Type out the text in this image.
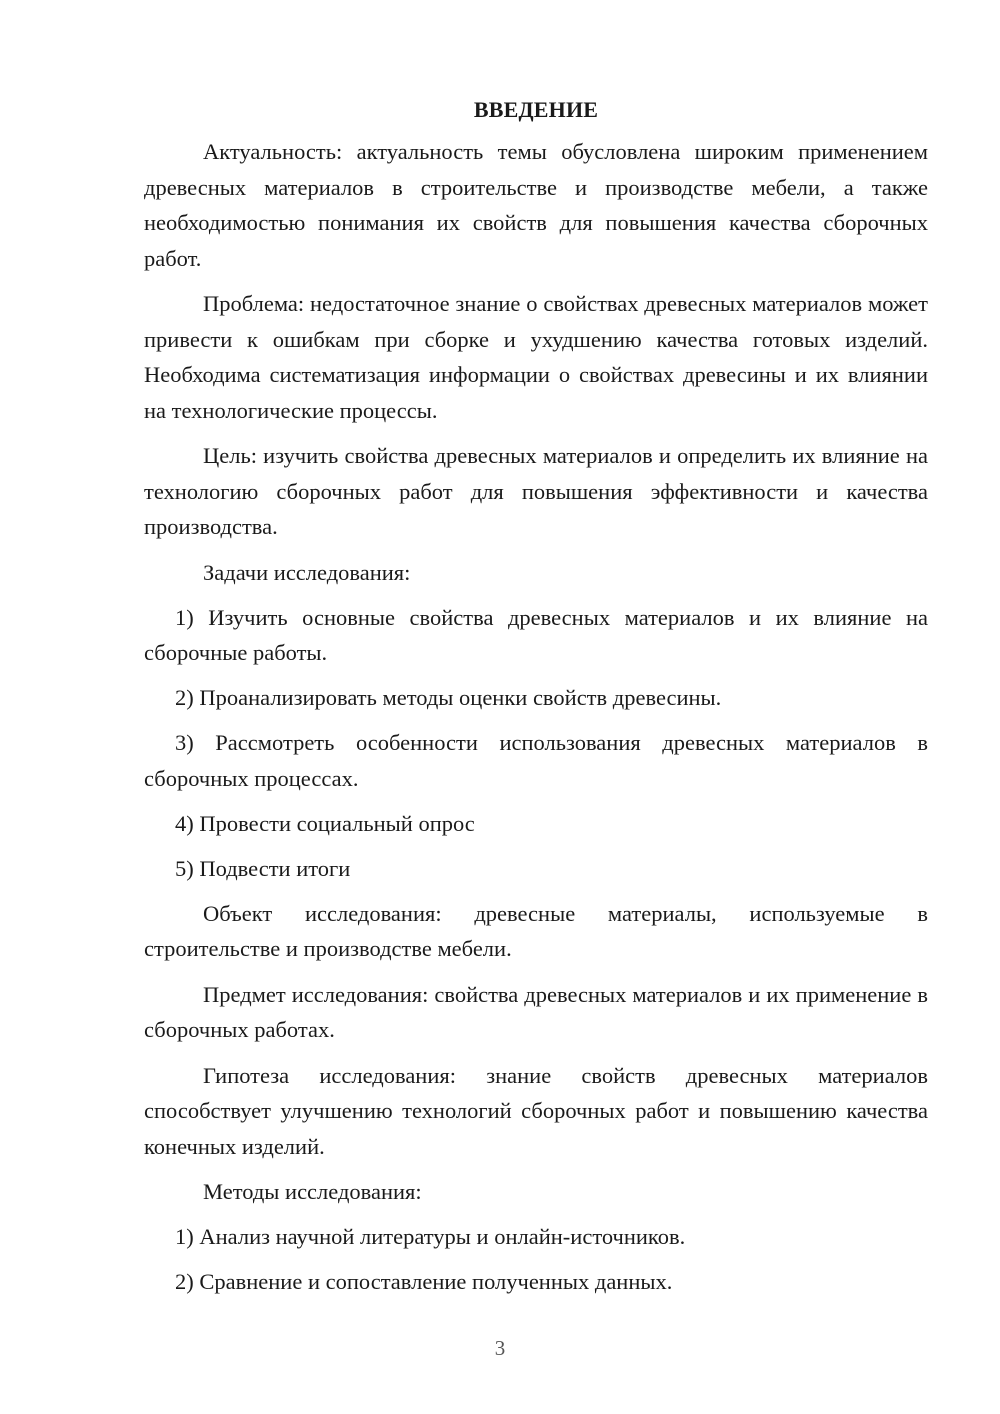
ВВЕДЕНИЕ

Актуальность: актуальность темы обусловлена широким применением древесных материалов в строительстве и производстве мебели, а также необходимостью понимания их свойств для повышения качества сборочных работ.

Проблема: недостаточное знание о свойствах древесных материалов может привести к ошибкам при сборке и ухудшению качества готовых изделий. Необходима систематизация информации о свойствах древесины и их влиянии на технологические процессы.

Цель: изучить свойства древесных материалов и определить их влияние на технологию сборочных работ для повышения эффективности и качества производства.

Задачи исследования:

1) Изучить основные свойства древесных материалов и их влияние на сборочные работы.

2) Проанализировать методы оценки свойств древесины.

3) Рассмотреть особенности использования древесных материалов в сборочных процессах.

4) Провести социальный опрос

5) Подвести итоги

Объект исследования: древесные материалы, используемые в строительстве и производстве мебели.

Предмет исследования: свойства древесных материалов и их применение в сборочных работах.

Гипотеза исследования: знание свойств древесных материалов способствует улучшению технологий сборочных работ и повышению качества конечных изделий.

Методы исследования:

1) Анализ научной литературы и онлайн-источников.

2) Сравнение и сопоставление полученных данных.

3
